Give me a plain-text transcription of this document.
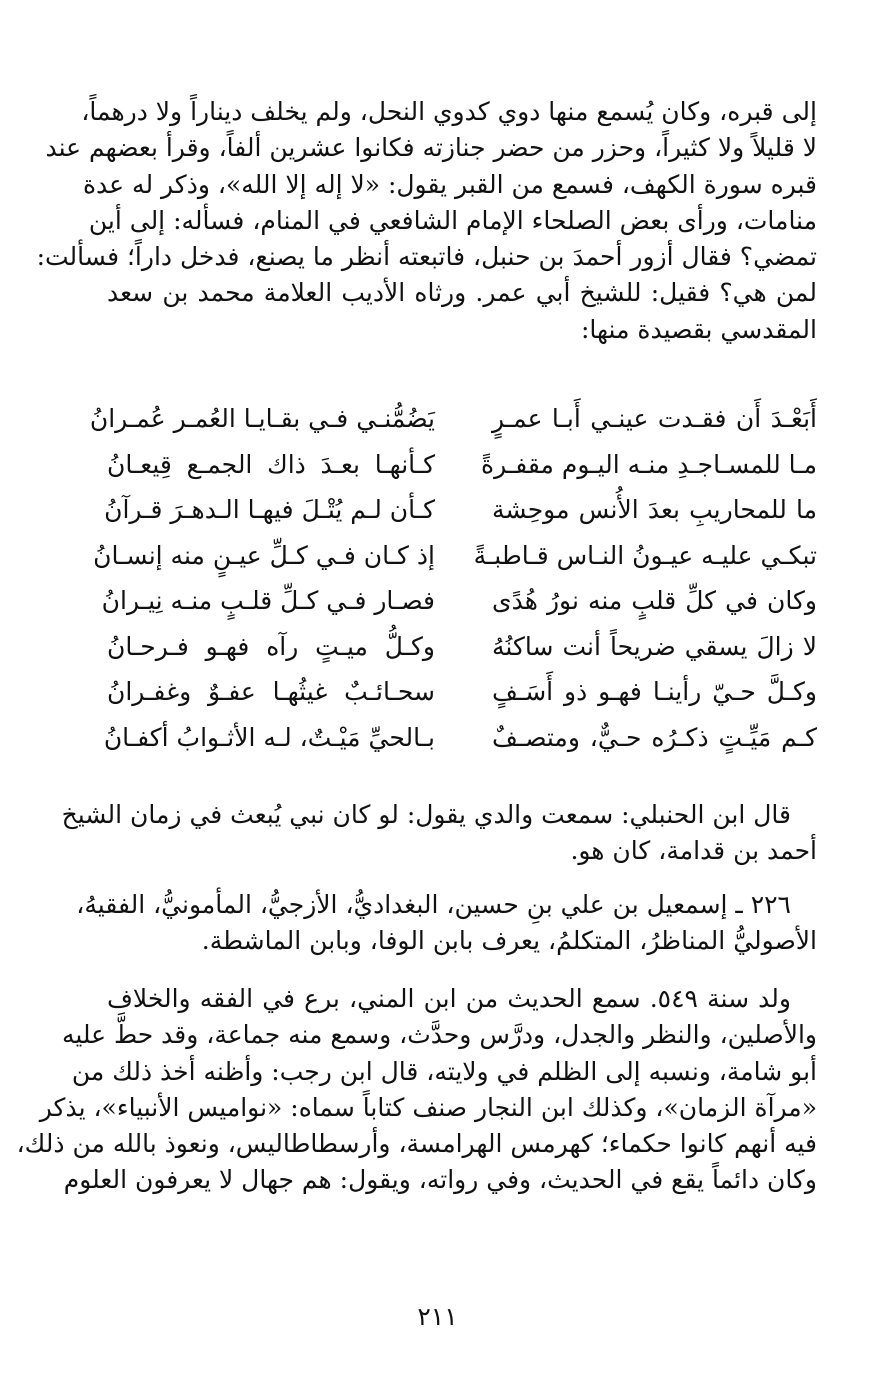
إلى قبره، وكان يُسمع منها دوي كدوي النحل، ولم يخلف ديناراً ولا درهماً،
لا قليلاً ولا كثيراً، وحزر من حضر جنازته فكانوا عشرين ألفاً، وقرأ بعضهم عند
قبره سورة الكهف، فسمع من القبر يقول: «لا إله إلا الله»، وذكر له عدة
منامات، ورأى بعض الصلحاء الإمام الشافعي في المنام، فسأله: إلى أين
تمضي؟ فقال أزور أحمدَ بن حنبل، فاتبعته أنظر ما يصنع، فدخل داراً؛ فسألت:
لمن هي؟ فقيل: للشيخ أبي عمر. ورثاه الأديب العلامة محمد بن سعد
المقدسي بقصيدة منها:

أَبَعْـدَ أَن فقـدت عينـي أَبـا عمـرٍ
يَضُمُّنـي فـي بقـايـا العُمـر عُمـرانُ
مـا للمسـاجـدِ منـه اليـوم مقفـرةً
كـأنهـا بعـدَ ذاك الجمـع قِيعـانُ
ما للمحاريبِ بعدَ الأُنس موحِشة
كـأن لـم يُتْـلَ فيهـا الـدهـرَ قـرآنُ
تبكـي عليـه عيـونُ النـاس قـاطبـةً
إذ كـان فـي كـلِّ عيـنٍ منه إنسـانُ
وكان في كلِّ قلبٍ منه نورُ هُدًى
فصـار فـي كـلِّ قلـبٍ منـه نِيـرانُ
لا زالَ يسقي ضريحاً أنت ساكنُهُ
وكـلُّ ميـتٍ رآه فهـو فـرحـانُ
وكـلَّ حـيّ رأينـا فهـو ذو أَسَـفٍ
سحـائـبٌ غيثُهـا عفـوٌ وغفـرانُ
كـم مَيِّـتٍ ذكـرُه حـيٌّ، ومتصـفٌ
بـالحيِّ مَيْـتٌ، لـه الأثـوابُ أكفـانُ

قال ابن الحنبلي: سمعت والدي يقول: لو كان نبي يُبعث في زمان الشيخ
أحمد بن قدامة، كان هو.

٢٢٦ ـ إسمعيل بن علي بنِ حسين، البغداديُّ، الأزجيُّ، المأمونيُّ، الفقيهُ،
الأصوليُّ المناظرُ، المتكلمُ، يعرف بابن الوفا، وبابن الماشطة.

ولد سنة ٥٤٩. سمع الحديث من ابن المني، برع في الفقه والخلاف
والأصلين، والنظر والجدل، ودرَّس وحدَّث، وسمع منه جماعة، وقد حطَّ عليه
أبو شامة، ونسبه إلى الظلم في ولايته، قال ابن رجب: وأظنه أخذ ذلك من
«مرآة الزمان»، وكذلك ابن النجار صنف كتاباً سماه: «نواميس الأنبياء»، يذكر
فيه أنهم كانوا حكماء؛ كهرمس الهرامسة، وأرسطاطاليس، ونعوذ بالله من ذلك،
وكان دائماً يقع في الحديث، وفي رواته، ويقول: هم جهال لا يعرفون العلوم

٢١١
